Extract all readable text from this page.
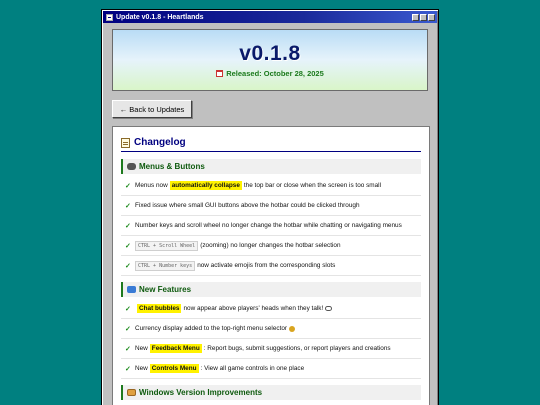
Update v0.1.8 - Heartlands
v0.1.8
Released: October 28, 2025
← Back to Updates
Changelog
Menus & Buttons
✓ Menus now automatically collapse the top bar or close when the screen is too small
✓ Fixed issue where small GUI buttons above the hotbar could be clicked through
✓ Number keys and scroll wheel no longer change the hotbar while chatting or navigating menus
✓	CTRL + Scroll Wheel (zooming) no longer changes the hotbar selection
✓	CTRL + Number keys now activate emojis from the corresponding slots
New Features
✓	Chat bubbles now appear above players' heads when they talk!
✓ Currency display added to the top-right menu selector
✓ New Feedback Menu : Report bugs, submit suggestions, or report players and creations
✓ New Controls Menu : View all game controls in one place
Windows Version Improvements
